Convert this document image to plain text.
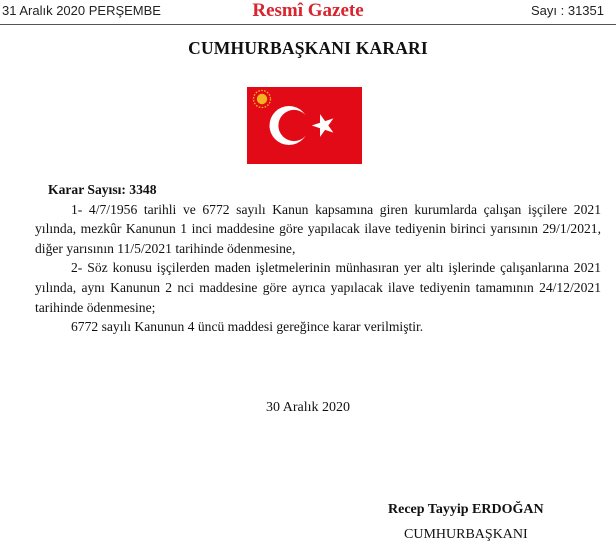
31 Aralık 2020 PERŞEMBE	Resmî Gazete	Sayı : 31351
CUMHURBAŞKANI KARARI
Karar Sayısı: 3348

1- 4/7/1956 tarihli ve 6772 sayılı Kanun kapsamına giren kurumlarda çalışan işçilere 2021 yılında, mezkûr Kanunun 1 inci maddesine göre yapılacak ilave tediyenin birinci yarısının 29/1/2021, diğer yarısının 11/5/2021 tarihinde ödenmesine,

2- Söz konusu işçilerden maden işletmelerinin münhasıran yer altı işlerinde çalışanlarına 2021 yılında, aynı Kanunun 2 nci maddesine göre ayrıca yapılacak ilave tediyenin tamamının 24/12/2021 tarihinde ödenmesine;

6772 sayılı Kanunun 4 üncü maddesi gereğince karar verilmiştir.

30 Aralık 2020
Recep Tayyip ERDOĞAN
CUMHURBAŞKANI
